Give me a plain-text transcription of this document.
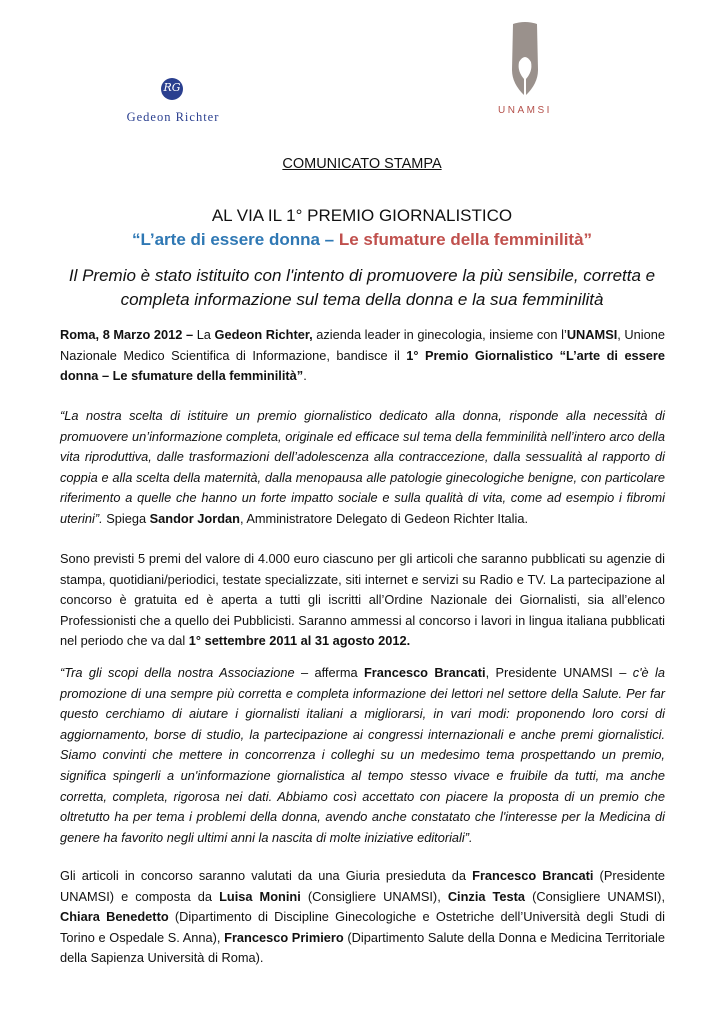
RG
Gedeon Richter	UNAMSI
COMUNICATO STAMPA
AL VIA IL 1° PREMIO GIORNALISTICO
“L’arte di essere donna – Le sfumature della femminilità”
Il Premio è stato istituito con l'intento di promuovere la più sensibile, corretta e completa informazione sul tema della donna e la sua femminilità
Roma, 8 Marzo 2012 – La Gedeon Richter, azienda leader in ginecologia, insieme con l’UNAMSI, Unione Nazionale Medico Scientifica di Informazione, bandisce il 1° Premio Giornalistico “L’arte di essere donna – Le sfumature della femminilità”.
“La nostra scelta di istituire un premio giornalistico dedicato alla donna, risponde alla necessità di promuovere un’informazione completa, originale ed efficace sul tema della femminilità nell’intero arco della vita riproduttiva, dalle trasformazioni dell’adolescenza alla contraccezione, dalla sessualità al rapporto di coppia e alla scelta della maternità, dalla menopausa alle patologie ginecologiche benigne, con particolare riferimento a quelle che hanno un forte impatto sociale e sulla qualità di vita, come ad esempio i fibromi uterini”. Spiega Sandor Jordan, Amministratore Delegato di Gedeon Richter Italia.
Sono previsti 5 premi del valore di 4.000 euro ciascuno per gli articoli che saranno pubblicati su agenzie di stampa, quotidiani/periodici, testate specializzate, siti internet e servizi su Radio e TV. La partecipazione al concorso è gratuita ed è aperta a tutti gli iscritti all’Ordine Nazionale dei Giornalisti, sia all’elenco Professionisti che a quello dei Pubblicisti. Saranno ammessi al concorso i lavori in lingua italiana pubblicati nel periodo che va dal 1° settembre 2011 al 31 agosto 2012.
“Tra gli scopi della nostra Associazione – afferma Francesco Brancati, Presidente UNAMSI – c'è la promozione di una sempre più corretta e completa informazione dei lettori nel settore della Salute. Per far questo cerchiamo di aiutare i giornalisti italiani a migliorarsi, in vari modi: proponendo loro corsi di aggiornamento, borse di studio, la partecipazione ai congressi internazionali e anche premi giornalistici. Siamo convinti che mettere in concorrenza i colleghi su un medesimo tema prospettando un premio, significa spingerli a un'informazione giornalistica al tempo stesso vivace e fruibile da tutti, ma anche corretta, completa, rigorosa nei dati. Abbiamo così accettato con piacere la proposta di un premio che oltretutto ha per tema i problemi della donna, avendo anche constatato che l'interesse per la Medicina di genere ha favorito negli ultimi anni la nascita di molte iniziative editoriali”.
Gli articoli in concorso saranno valutati da una Giuria presieduta da Francesco Brancati (Presidente UNAMSI) e composta da Luisa Monini (Consigliere UNAMSI), Cinzia Testa (Consigliere UNAMSI), Chiara Benedetto (Dipartimento di Discipline Ginecologiche e Ostetriche dell’Università degli Studi di Torino e Ospedale S. Anna), Francesco Primiero (Dipartimento Salute della Donna e Medicina Territoriale della Sapienza Università di Roma).
